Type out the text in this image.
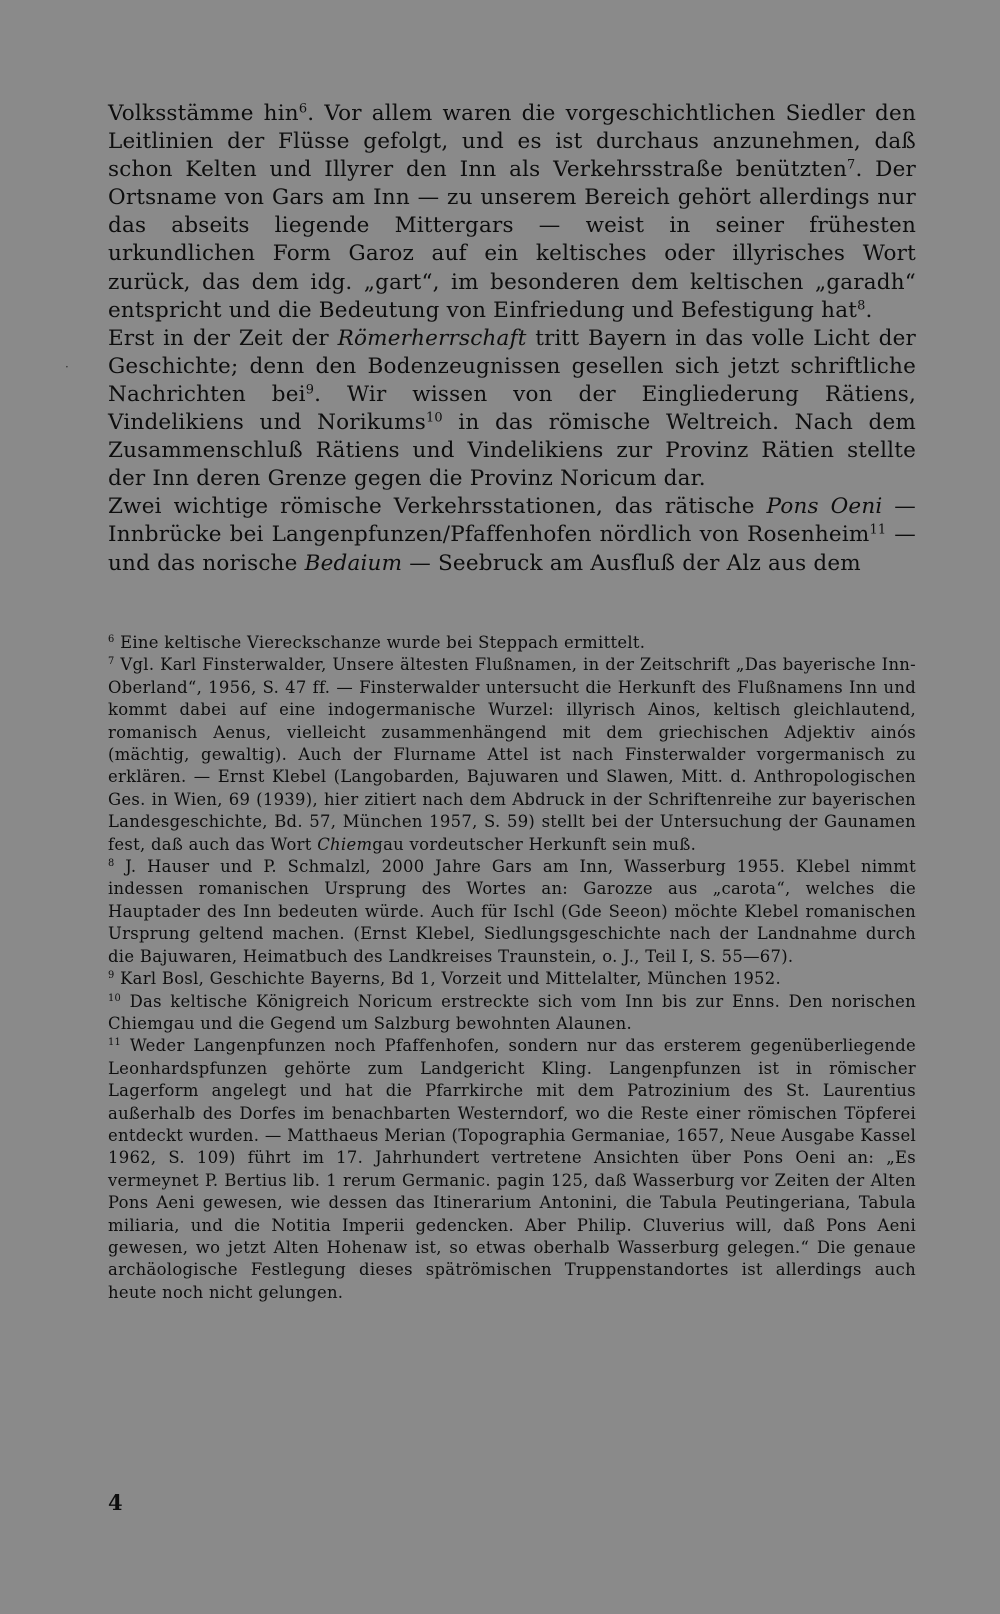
·

Volksstämme hin$^6$. Vor allem waren die vorgeschichtlichen Siedler den Leitlinien der Flüsse gefolgt, und es ist durchaus anzunehmen, daß schon Kelten und Illyrer den Inn als Verkehrsstraße benützten$^7$. Der Ortsname von Gars am Inn — zu unserem Bereich gehört allerdings nur das abseits liegende Mittergars — weist in seiner frühesten urkundlichen Form Garoz auf ein keltisches oder illyrisches Wort zurück, das dem idg. „gart“, im besonderen dem keltischen „garadh“ entspricht und die Bedeutung von Einfriedung und Befestigung hat$^8$.

Erst in der Zeit der Römerherrschaft tritt Bayern in das volle Licht der Geschichte; denn den Bodenzeugnissen gesellen sich jetzt schriftliche Nachrichten bei$^9$. Wir wissen von der Eingliederung Rätiens, Vindelikiens und Norikums$^{10}$ in das römische Weltreich. Nach dem Zusammenschluß Rätiens und Vindelikiens zur Provinz Rätien stellte der Inn deren Grenze gegen die Provinz Noricum dar.

Zwei wichtige römische Verkehrsstationen, das rätische Pons Oeni — Innbrücke bei Langenpfunzen/Pfaffenhofen nördlich von Rosenheim$^{11}$ — und das norische Bedaium — Seebruck am Ausfluß der Alz aus dem

$^6$ Eine keltische Viereckschanze wurde bei Steppach ermittelt.

$^7$ Vgl. Karl Finsterwalder, Unsere ältesten Flußnamen, in der Zeitschrift „Das bayerische Inn-Oberland“, 1956, S. 47 ff. — Finsterwalder untersucht die Herkunft des Flußnamens Inn und kommt dabei auf eine indogermanische Wurzel: illyrisch Ainos, keltisch gleichlautend, romanisch Aenus, vielleicht zusammenhängend mit dem griechischen Adjektiv ainós (mächtig, gewaltig). Auch der Flurname Attel ist nach Finsterwalder vorgermanisch zu erklären. — Ernst Klebel (Langobarden, Bajuwaren und Slawen, Mitt. d. Anthropologischen Ges. in Wien, 69 (1939), hier zitiert nach dem Abdruck in der Schriftenreihe zur bayerischen Landesgeschichte, Bd. 57, München 1957, S. 59) stellt bei der Untersuchung der Gaunamen fest, daß auch das Wort Chiemgau vordeutscher Herkunft sein muß.

$^8$ J. Hauser und P. Schmalzl, 2000 Jahre Gars am Inn, Wasserburg 1955. Klebel nimmt indessen romanischen Ursprung des Wortes an: Garozze aus „carota“, welches die Hauptader des Inn bedeuten würde. Auch für Ischl (Gde Seeon) möchte Klebel romanischen Ursprung geltend machen. (Ernst Klebel, Siedlungsgeschichte nach der Landnahme durch die Bajuwaren, Heimatbuch des Landkreises Traunstein, o. J., Teil I, S. 55—67).

$^9$ Karl Bosl, Geschichte Bayerns, Bd 1, Vorzeit und Mittelalter, München 1952.

$^{10}$ Das keltische Königreich Noricum erstreckte sich vom Inn bis zur Enns. Den norischen Chiemgau und die Gegend um Salzburg bewohnten Alaunen.

$^{11}$ Weder Langenpfunzen noch Pfaffenhofen, sondern nur das ersterem gegenüberliegende Leonhardspfunzen gehörte zum Landgericht Kling. Langenpfunzen ist in römischer Lagerform angelegt und hat die Pfarrkirche mit dem Patrozinium des St. Laurentius außerhalb des Dorfes im benachbarten Westerndorf, wo die Reste einer römischen Töpferei entdeckt wurden. — Matthaeus Merian (Topographia Germaniae, 1657, Neue Ausgabe Kassel 1962, S. 109) führt im 17. Jahrhundert vertretene Ansichten über Pons Oeni an: „Es vermeynet P. Bertius lib. 1 rerum Germanic. pagin 125, daß Wasserburg vor Zeiten der Alten Pons Aeni gewesen, wie dessen das Itinerarium Antonini, die Tabula Peutingeriana, Tabula miliaria, und die Notitia Imperii gedencken. Aber Philip. Cluverius will, daß Pons Aeni gewesen, wo jetzt Alten Hohenaw ist, so etwas oberhalb Wasserburg gelegen.“ Die genaue archäologische Festlegung dieses spätrömischen Truppenstandortes ist allerdings auch heute noch nicht gelungen.

4
